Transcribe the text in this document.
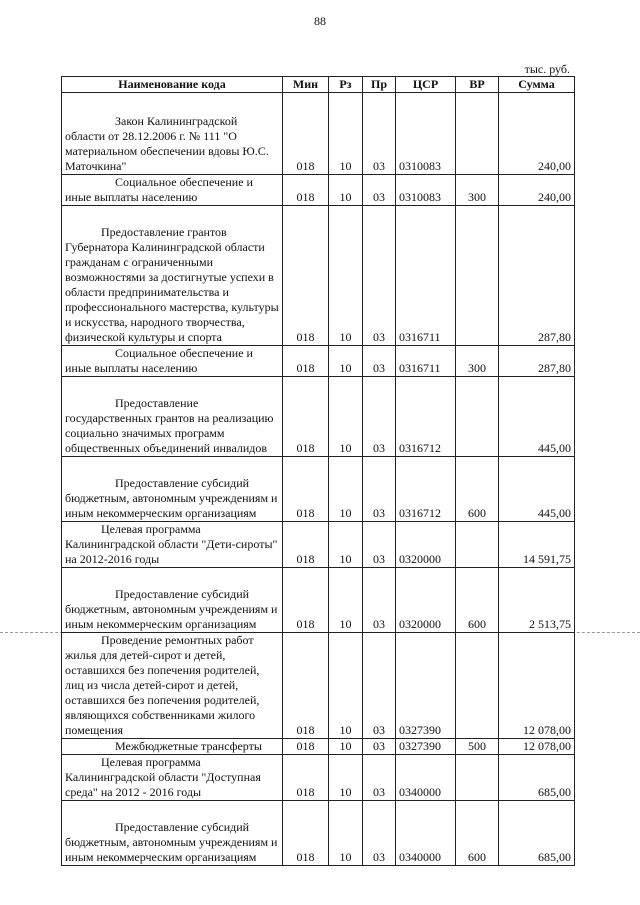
88
тыс. руб.
Наименование кода	Мин	Рз	Пр	ЦСР	ВР	Сумма
Закон Калининградской области от 28.12.2006 г. № 111 "О материальном обеспечении вдовы Ю.С. Маточкина"	018	10	03	0310083		240,00
Социальное обеспечение и иные выплаты населению	018	10	03	0310083	300	240,00
Предоставление грантов Губернатора Калининградской области гражданам с ограниченными возможностями за достигнутые успехи в области предпринимательства и профессионального мастерства, культуры и искусства, народного творчества, физической культуры и спорта	018	10	03	0316711		287,80
Социальное обеспечение и иные выплаты населению	018	10	03	0316711	300	287,80
Предоставление государственных грантов на реализацию социально значимых программ общественных объединений инвалидов	018	10	03	0316712		445,00
Предоставление субсидий бюджетным, автономным учреждениям и иным некоммерческим организациям	018	10	03	0316712	600	445,00
Целевая программа Калининградской области "Дети-сироты" на 2012-2016 годы	018	10	03	0320000		14 591,75
Предоставление субсидий бюджетным, автономным учреждениям и иным некоммерческим организациям	018	10	03	0320000	600	2 513,75
Проведение ремонтных работ жилья для детей-сирот и детей, оставшихся без попечения родителей, лиц из числа детей-сирот и детей, оставшихся без попечения родителей, являющихся собственниками жилого помещения	018	10	03	0327390		12 078,00
Межбюджетные трансферты	018	10	03	0327390	500	12 078,00
Целевая программа Калининградской области "Доступная среда" на 2012 - 2016 годы	018	10	03	0340000		685,00
Предоставление субсидий бюджетным, автономным учреждениям и иным некоммерческим организациям	018	10	03	0340000	600	685,00
